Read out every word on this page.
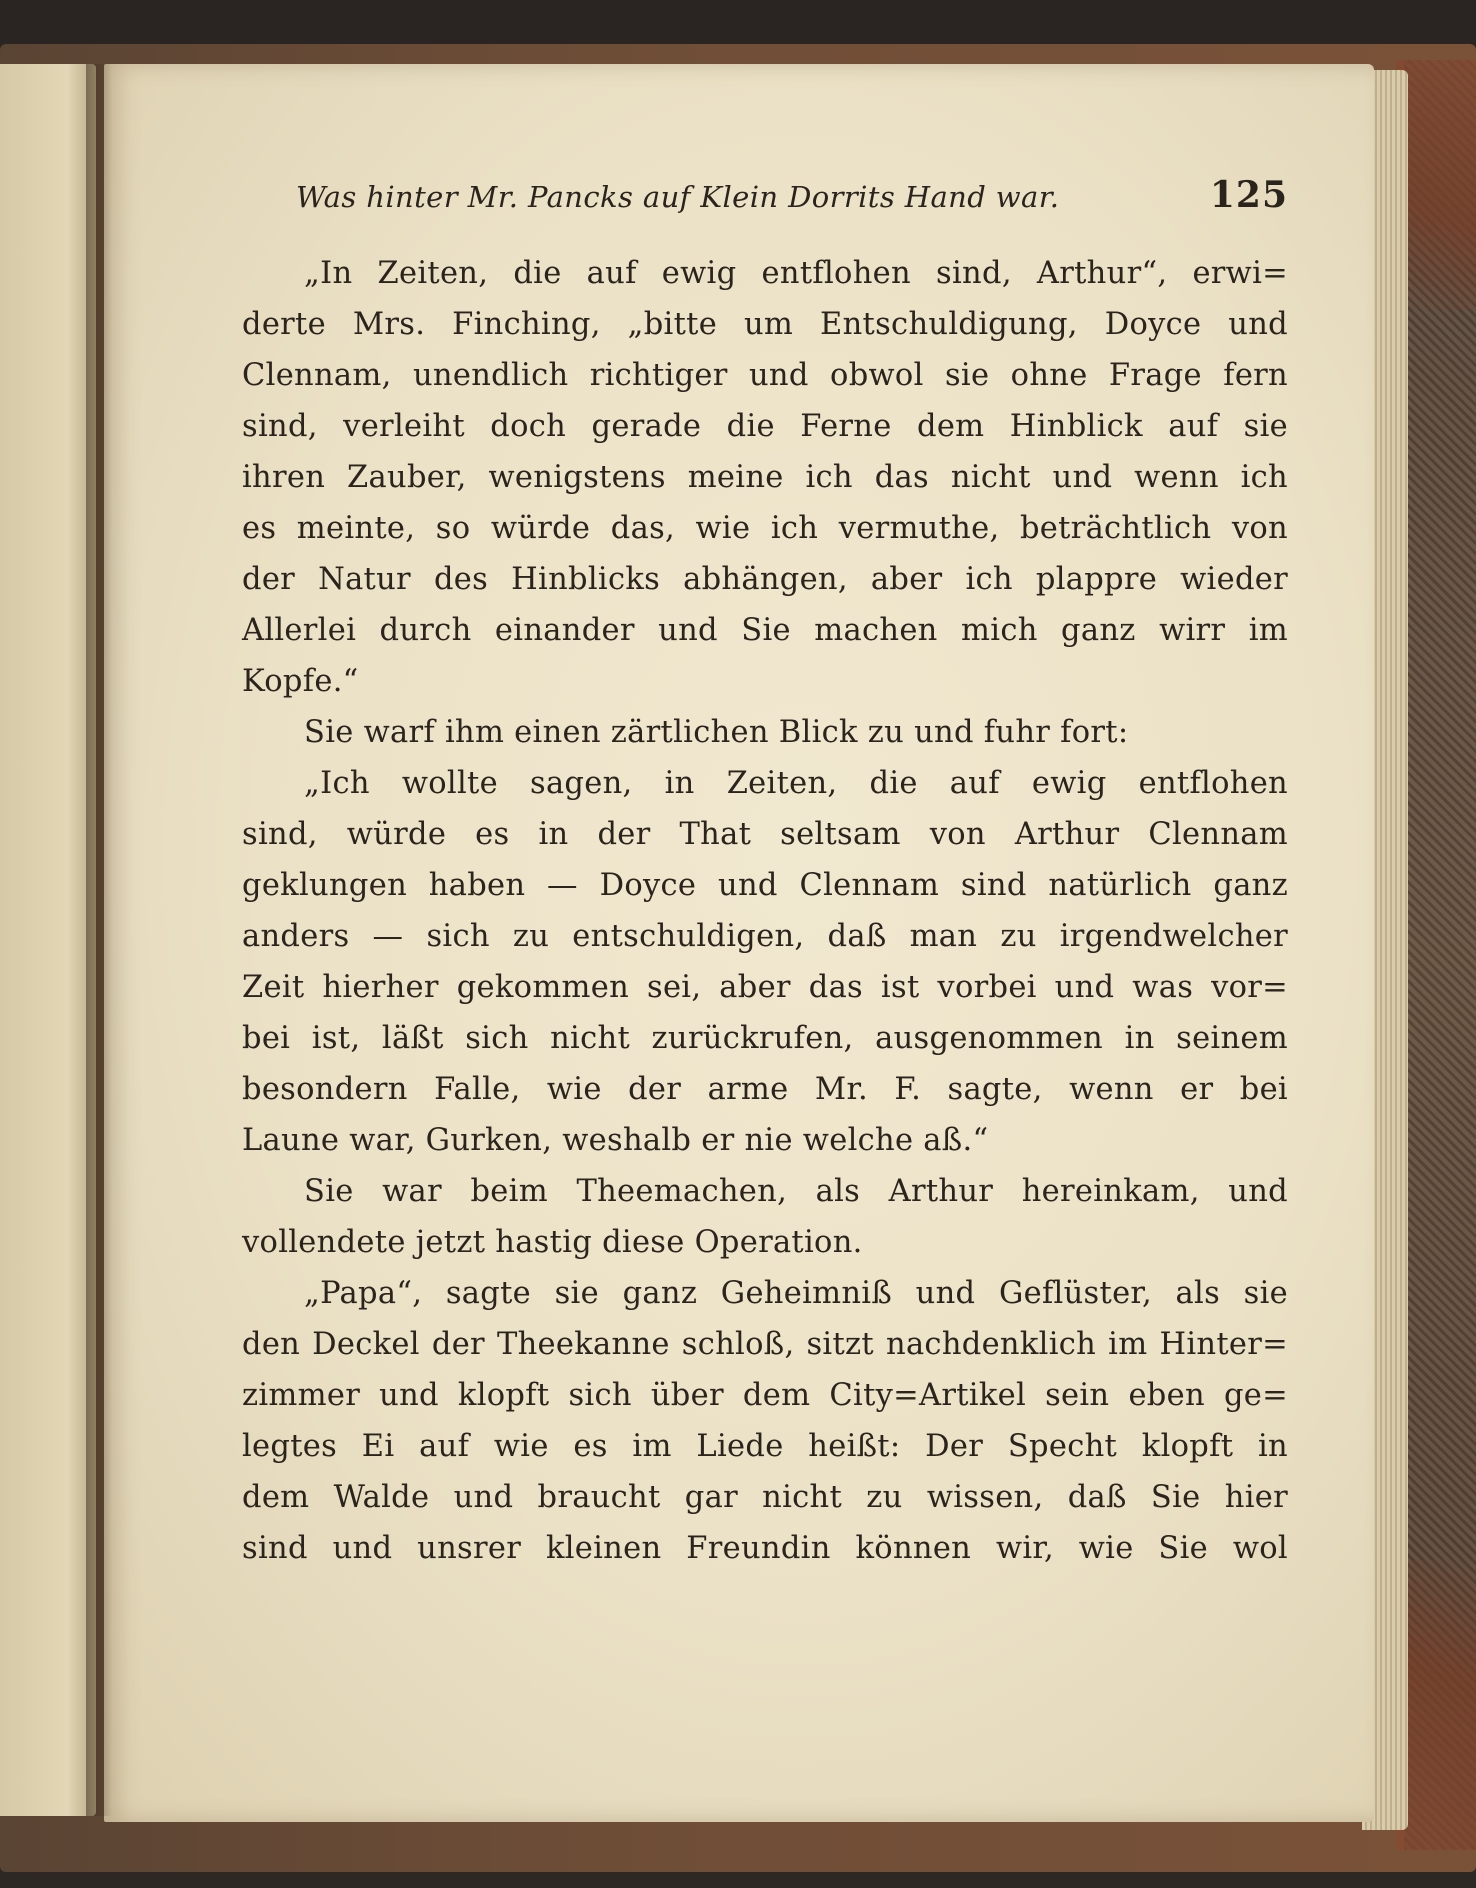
Was hinter Mr. Pancks auf Klein Dorrits Hand war.	125
„In Zeiten, die auf ewig entflohen sind, Arthur“, erwi=
derte Mrs. Finching, „bitte um Entschuldigung, Doyce und
Clennam, unendlich richtiger und obwol sie ohne Frage fern
sind, verleiht doch gerade die Ferne dem Hinblick auf sie
ihren Zauber, wenigstens meine ich das nicht und wenn ich
es meinte, so würde das, wie ich vermuthe, beträchtlich von
der Natur des Hinblicks abhängen, aber ich plappre wieder
Allerlei durch einander und Sie machen mich ganz wirr im
Kopfe.“
Sie warf ihm einen zärtlichen Blick zu und fuhr fort:
„Ich wollte sagen, in Zeiten, die auf ewig entflohen
sind, würde es in der That seltsam von Arthur Clennam
geklungen haben — Doyce und Clennam sind natürlich ganz
anders — sich zu entschuldigen, daß man zu irgendwelcher
Zeit hierher gekommen sei, aber das ist vorbei und was vor=
bei ist, läßt sich nicht zurückrufen, ausgenommen in seinem
besondern Falle, wie der arme Mr. F. sagte, wenn er bei
Laune war, Gurken, weshalb er nie welche aß.“
Sie war beim Theemachen, als Arthur hereinkam, und
vollendete jetzt hastig diese Operation.
„Papa“, sagte sie ganz Geheimniß und Geflüster, als sie
den Deckel der Theekanne schloß, sitzt nachdenklich im Hinter=
zimmer und klopft sich über dem City=Artikel sein eben ge=
legtes Ei auf wie es im Liede heißt: Der Specht klopft in
dem Walde und braucht gar nicht zu wissen, daß Sie hier
sind und unsrer kleinen Freundin können wir, wie Sie wol
